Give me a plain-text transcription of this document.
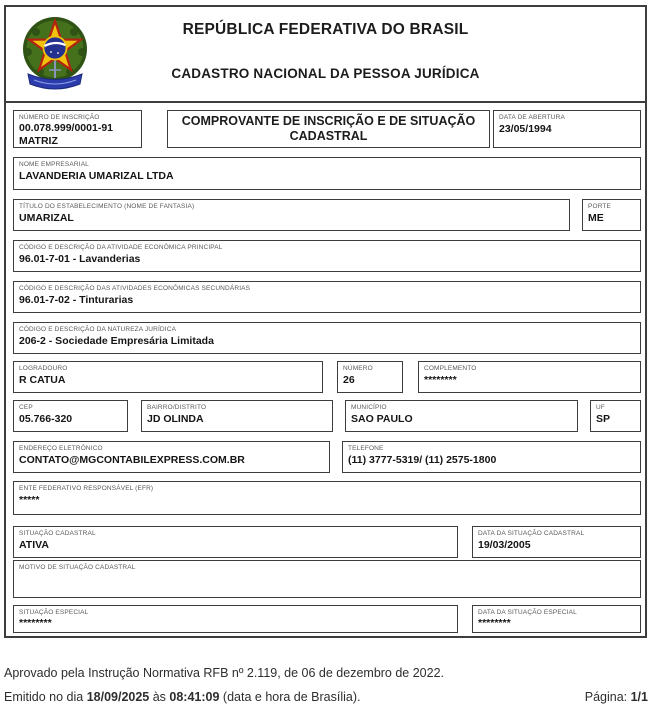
REPÚBLICA FEDERATIVA DO BRASIL
CADASTRO NACIONAL DA PESSOA JURÍDICA
NÚMERO DE INSCRIÇÃO
00.078.999/0001-91
MATRIZ
COMPROVANTE DE INSCRIÇÃO E DE SITUAÇÃO CADASTRAL
DATA DE ABERTURA
23/05/1994
NOME EMPRESARIAL
LAVANDERIA UMARIZAL LTDA
TÍTULO DO ESTABELECIMENTO (NOME DE FANTASIA)
UMARIZAL
PORTE
ME
CÓDIGO E DESCRIÇÃO DA ATIVIDADE ECONÔMICA PRINCIPAL
96.01-7-01 - Lavanderias
CÓDIGO E DESCRIÇÃO DAS ATIVIDADES ECONÔMICAS SECUNDÁRIAS
96.01-7-02 - Tinturarias
CÓDIGO E DESCRIÇÃO DA NATUREZA JURÍDICA
206-2 - Sociedade Empresária Limitada
LOGRADOURO
R CATUA
NÚMERO
26
COMPLEMENTO
********
CEP
05.766-320
BAIRRO/DISTRITO
JD OLINDA
MUNICÍPIO
SAO PAULO
UF
SP
ENDEREÇO ELETRÔNICO
CONTATO@MGCONTABILEXPRESS.COM.BR
TELEFONE
(11) 3777-5319/ (11) 2575-1800
ENTE FEDERATIVO RESPONSÁVEL (EFR)
*****
SITUAÇÃO CADASTRAL
ATIVA
DATA DA SITUAÇÃO CADASTRAL
19/03/2005
MOTIVO DE SITUAÇÃO CADASTRAL
SITUAÇÃO ESPECIAL
********
DATA DA SITUAÇÃO ESPECIAL
********
Aprovado pela Instrução Normativa RFB nº 2.119, de 06 de dezembro de 2022.
Emitido no dia 18/09/2025 às 08:41:09 (data e hora de Brasília).	Página: 1/1
